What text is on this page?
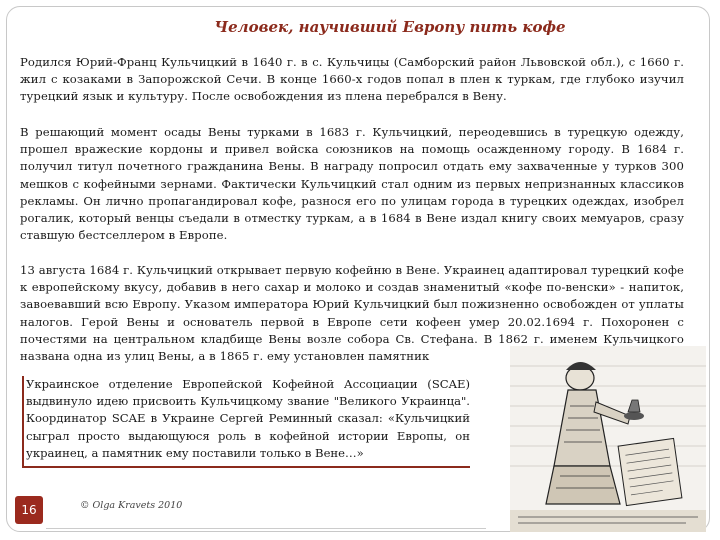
Человек, научивший Европу пить кофе

Родился Юрий-Франц Кульчицкий в 1640 г. в с. Кульчицы (Самборский район Львовской обл.), с 1660 г. жил с козаками в Запорожской Сечи. В конце 1660-х годов попал в плен к туркам, где глубоко изучил турецкий язык и культуру. После освобождения из плена перебрался в Вену.

В решающий момент осады Вены турками в 1683 г. Кульчицкий, переодевшись в турецкую одежду, прошел вражеские кордоны и привел войска союзников на помощь осажденному городу. В 1684 г. получил титул почетного гражданина Вены. В награду попросил отдать ему захваченные у турков 300 мешков с кофейными зернами. Фактически Кульчицкий стал одним из первых непризнанных классиков рекламы. Он лично пропагандировал кофе, разнося его по улицам города в турецких одеждах, изобрел рогалик, который венцы съедали в отместку туркам, а в 1684 в Вене издал книгу своих мемуаров, сразу ставшую бестселлером в Европе.

13 августа 1684 г. Кульчицкий открывает первую кофейню в Вене. Украинец адаптировал турецкий кофе к европейскому вкусу, добавив в него сахар и молоко и создав знаменитый «кофе по-венски» - напиток, завоевавший всю Европу. Указом императора Юрий Кульчицкий был пожизненно освобожден от уплаты налогов. Герой Вены и основатель первой в Европе сети кофеен умер 20.02.1694 г. Похоронен с почестями на центральном кладбище Вены возле собора Св. Стефана. В 1862 г. именем Кульчицкого названа одна из улиц Вены, а в 1865 г. ему установлен памятник

Украинское отделение Европейской Кофейной Ассоциации (SCAE) выдвинуло идею присвоить Кульчицкому звание "Великого Украинца". Координатор SCAE в Украине Сергей Реминный сказал: «Кульчицкий сыграл просто выдающуюся роль в кофейной истории Европы, он украинец, а памятник ему поставили только в Вене…»

16	© Olga Kravets 2010
